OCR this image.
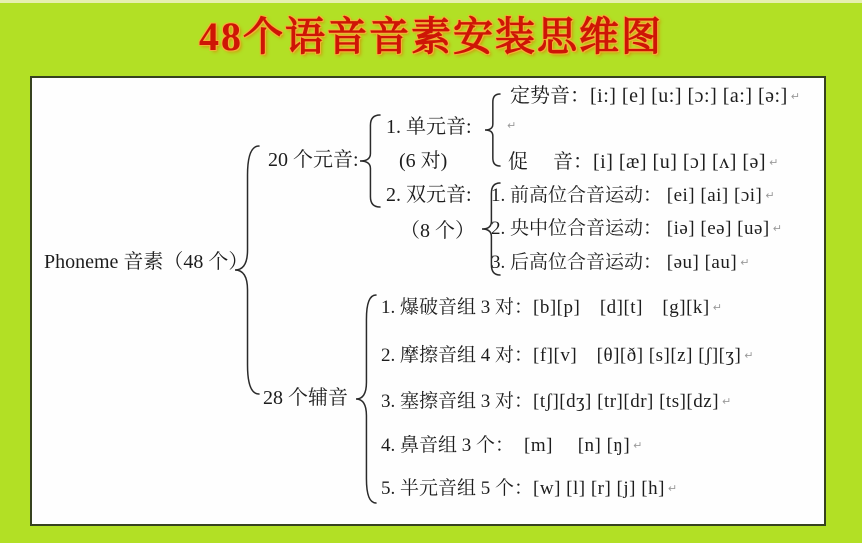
48个语音音素安装思维图
Phoneme 音素（48 个）
20 个元音:
1. 单元音:
(6 对)
↵
定势音：[i:] [e] [u:] [ɔ:] [a:] [ə:] ↵
促　 音：[i] [æ] [u] [ɔ] [ʌ] [ə] ↵
2. 双元音:
（8 个）
1. 前高位合音运动： [ei] [ai] [ɔi] ↵
2. 央中位合音运动： [iə] [eə] [uə] ↵
3. 后高位合音运动： [əu] [au] ↵
28 个辅音
1. 爆破音组 3 对：[b][p]　[d][t]　[g][k] ↵
2. 摩擦音组 4 对：[f][v]　[θ][ð] [s][z] [ʃ][ʒ] ↵
3. 塞擦音组 3 对：[tʃ][dʒ] [tr][dr] [ts][dz] ↵
4. 鼻音组 3 个：　[m]　 [n] [ŋ] ↵
5. 半元音组 5 个：[w] [l] [r] [j] [h] ↵
